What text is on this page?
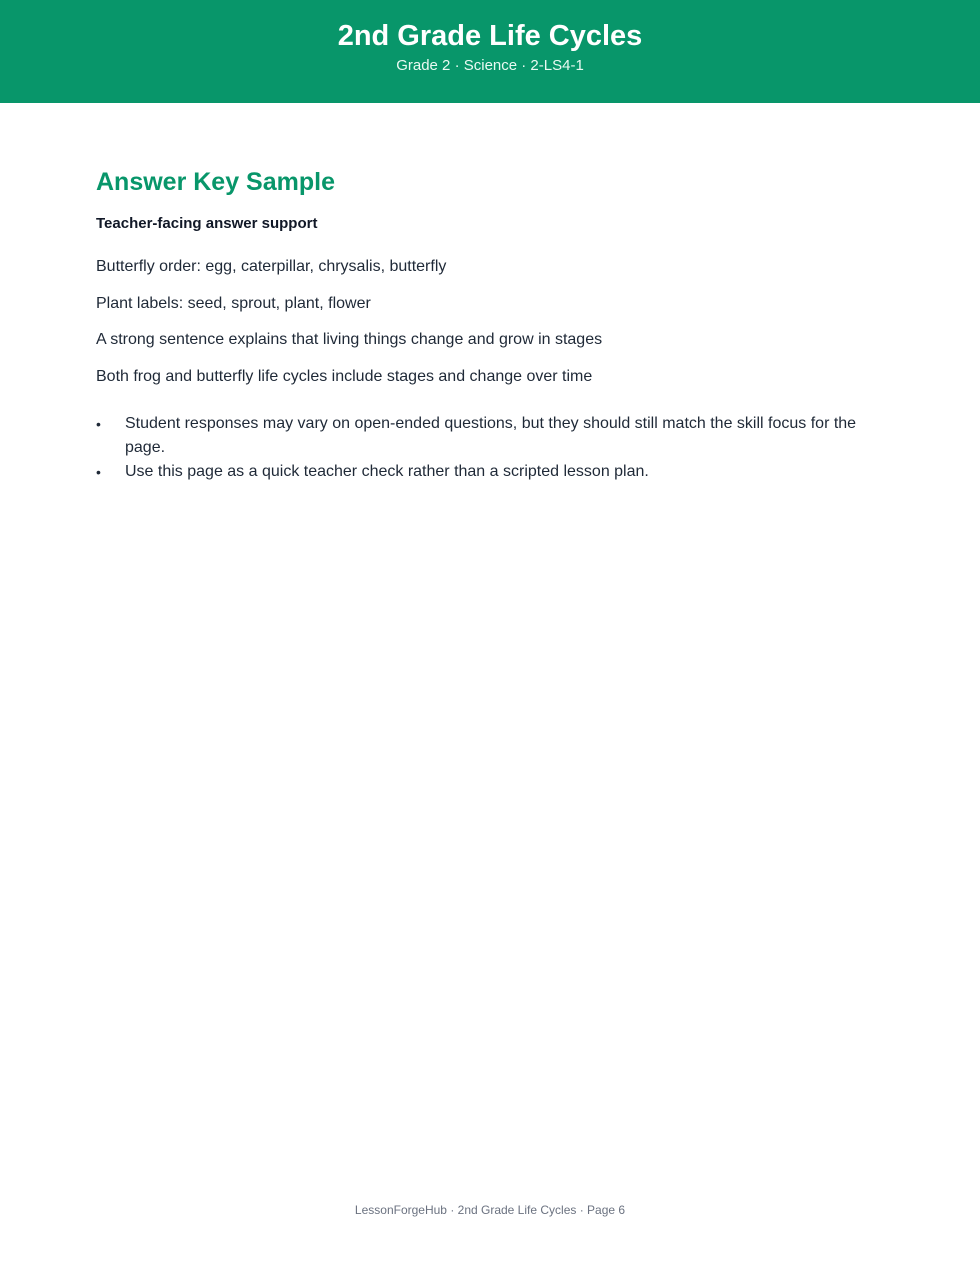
2nd Grade Life Cycles
Grade 2 · Science · 2-LS4-1
Answer Key Sample
Teacher-facing answer support
Butterfly order: egg, caterpillar, chrysalis, butterfly
Plant labels: seed, sprout, plant, flower
A strong sentence explains that living things change and grow in stages
Both frog and butterfly life cycles include stages and change over time
•	Student responses may vary on open-ended questions, but they should still match the skill focus for the page.
•	Use this page as a quick teacher check rather than a scripted lesson plan.
LessonForgeHub · 2nd Grade Life Cycles · Page 6
